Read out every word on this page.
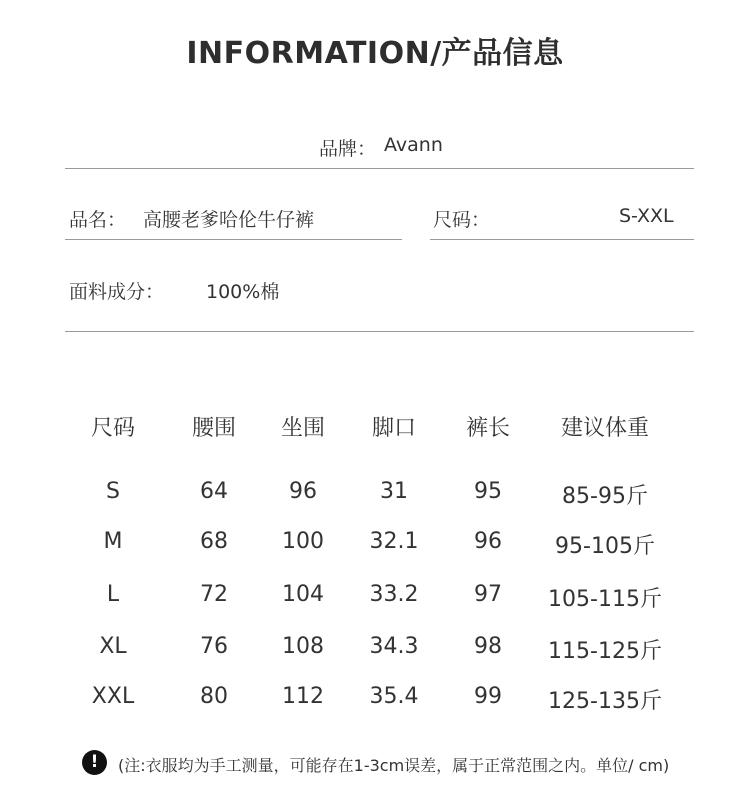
INFORMATION/产品信息
品牌： Avann
品名： 高腰老爹哈伦牛仔裤	尺码：	S-XXL
面料成分： 100%棉
尺码	腰围	坐围	脚口	裤长	建议体重
S	64	96	31	95	85-95斤
M	68	100	32.1	96	95-105斤
L	72	104	33.2	97	105-115斤
XL	76	108	34.3	98	115-125斤
XXL	80	112	35.4	99	125-135斤
!	(注:衣服均为手工测量，可能存在1-3cm误差，属于正常范围之内。单位/ cm)
